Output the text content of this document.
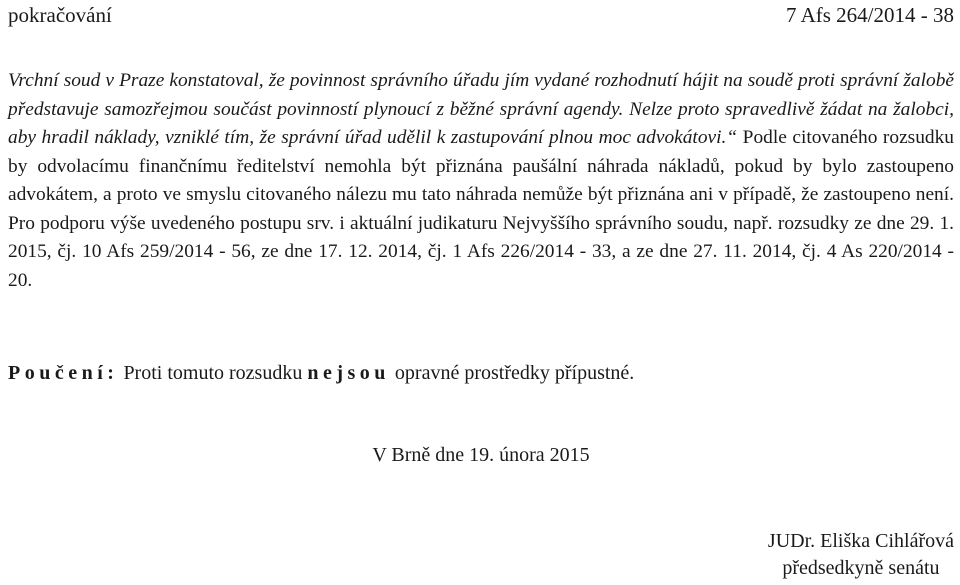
pokračování	7 Afs 264/2014 - 38

Vrchní soud v Praze konstatoval, že povinnost správního úřadu jím vydané rozhodnutí hájit na soudě proti správní žalobě představuje samozřejmou součást povinností plynoucí z běžné správní agendy. Nelze proto spravedlivě žádat na žalobci, aby hradil náklady, vzniklé tím, že správní úřad udělil k zastupování plnou moc advokátovi.“ Podle citovaného rozsudku by odvolacímu finančnímu ředitelství nemohla být přiznána paušální náhrada nákladů, pokud by bylo zastoupeno advokátem, a proto ve smyslu citovaného nálezu mu tato náhrada nemůže být přiznána ani v případě, že zastoupeno není. Pro podporu výše uvedeného postupu srv. i aktuální judikaturu Nejvyššího správního soudu, např. rozsudky ze dne 29. 1. 2015, čj. 10 Afs 259/2014 - 56, ze dne 17. 12. 2014, čj. 1 Afs 226/2014 - 33, a ze dne 27. 11. 2014, čj. 4 As 220/2014 - 20.

Poučení: Proti tomuto rozsudku nejsou opravné prostředky přípustné.
V Brně dne 19. února 2015
JUDr. Eliška Cihlářová
předsedkyně senátu
